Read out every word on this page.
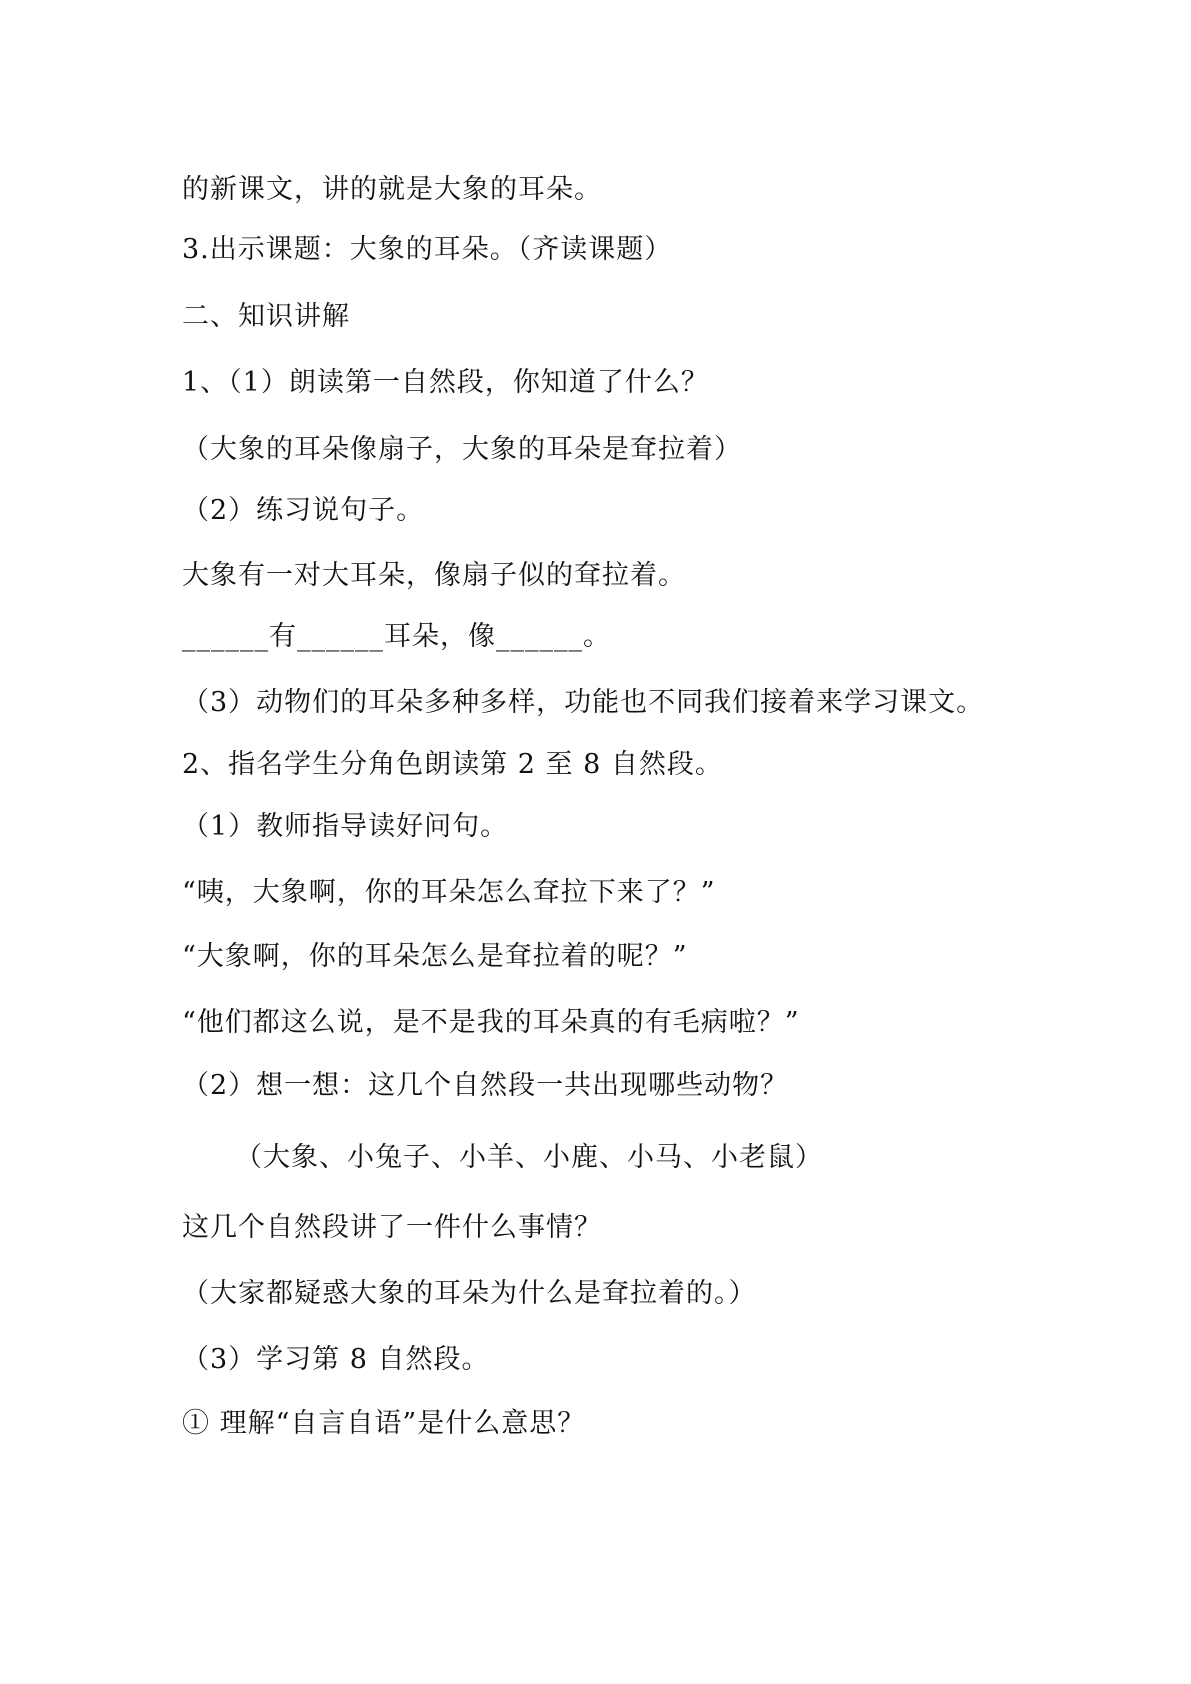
的新课文，讲的就是大象的耳朵。
3.出示课题：大象的耳朵。（齐读课题）
二、知识讲解
1、（1）朗读第一自然段，你知道了什么？
（大象的耳朵像扇子，大象的耳朵是耷拉着）
（2）练习说句子。
大象有一对大耳朵，像扇子似的耷拉着。
______有______耳朵，像______。
（3）动物们的耳朵多种多样，功能也不同我们接着来学习课文。
2、指名学生分角色朗读第 2 至 8 自然段。
（1）教师指导读好问句。
“咦，大象啊，你的耳朵怎么耷拉下来了？”
“大象啊，你的耳朵怎么是耷拉着的呢？”
“他们都这么说，是不是我的耳朵真的有毛病啦？”
（2）想一想：这几个自然段一共出现哪些动物？
（大象、小兔子、小羊、小鹿、小马、小老鼠）
这几个自然段讲了一件什么事情？
（大家都疑惑大象的耳朵为什么是耷拉着的。）
（3）学习第 8 自然段。
① 理解“自言自语”是什么意思？
